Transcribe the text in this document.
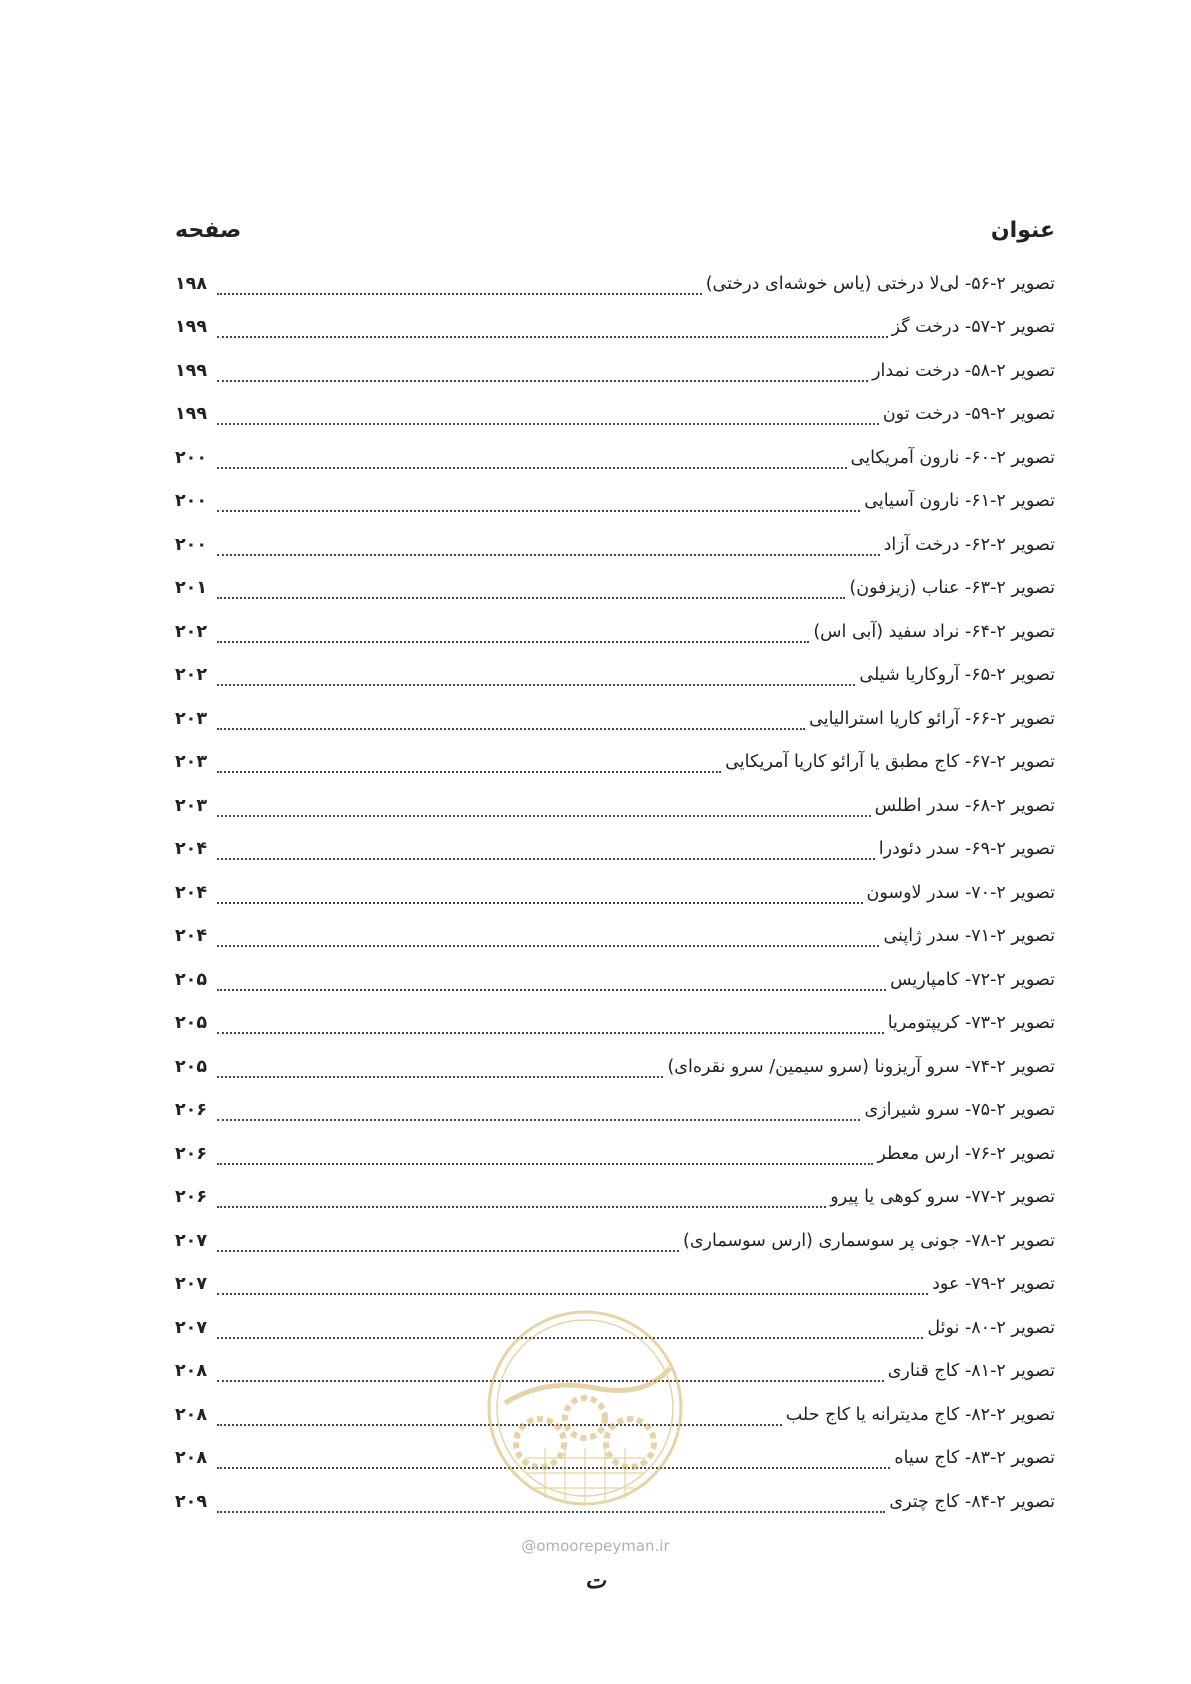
عنوان
صفحه
تصویر ۲-۵۶- لی‌لا درختی (یاس خوشه‌ای درختی)
۱۹۸
تصویر ۲-۵۷- درخت گز
۱۹۹
تصویر ۲-۵۸- درخت نمدار
۱۹۹
تصویر ۲-۵۹- درخت تون
۱۹۹
تصویر ۲-۶۰- نارون آمریکایی
۲۰۰
تصویر ۲-۶۱- نارون آسیایی
۲۰۰
تصویر ۲-۶۲- درخت آزاد
۲۰۰
تصویر ۲-۶۳- عناب (زیزفون)
۲۰۱
تصویر ۲-۶۴- نراد سفید (آبی اس)
۲۰۲
تصویر ۲-۶۵- آروکاریا شیلی
۲۰۲
تصویر ۲-۶۶- آرائو کاریا استرالیایی
۲۰۳
تصویر ۲-۶۷- کاج مطبق یا آرائو کاریا آمریکایی
۲۰۳
تصویر ۲-۶۸- سدر اطلس
۲۰۳
تصویر ۲-۶۹- سدر دئودرا
۲۰۴
تصویر ۲-۷۰- سدر لاوسون
۲۰۴
تصویر ۲-۷۱- سدر ژاپنی
۲۰۴
تصویر ۲-۷۲- کامپاریس
۲۰۵
تصویر ۲-۷۳- کریپتومریا
۲۰۵
تصویر ۲-۷۴- سرو آریزونا (سرو سیمین/ سرو نقره‌ای)
۲۰۵
تصویر ۲-۷۵- سرو شیرازی
۲۰۶
تصویر ۲-۷۶- ارس معطر
۲۰۶
تصویر ۲-۷۷- سرو کوهی یا پیرو
۲۰۶
تصویر ۲-۷۸- جونی پر سوسماری (ارس سوسماری)
۲۰۷
تصویر ۲-۷۹- عود
۲۰۷
تصویر ۲-۸۰- نوئل
۲۰۷
تصویر ۲-۸۱- کاج قناری
۲۰۸
تصویر ۲-۸۲- کاج مدیترانه یا کاج حلب
۲۰۸
تصویر ۲-۸۳- کاج سیاه
۲۰۸
تصویر ۲-۸۴- کاج چتری
۲۰۹
@omoorepeyman.ir
ت
